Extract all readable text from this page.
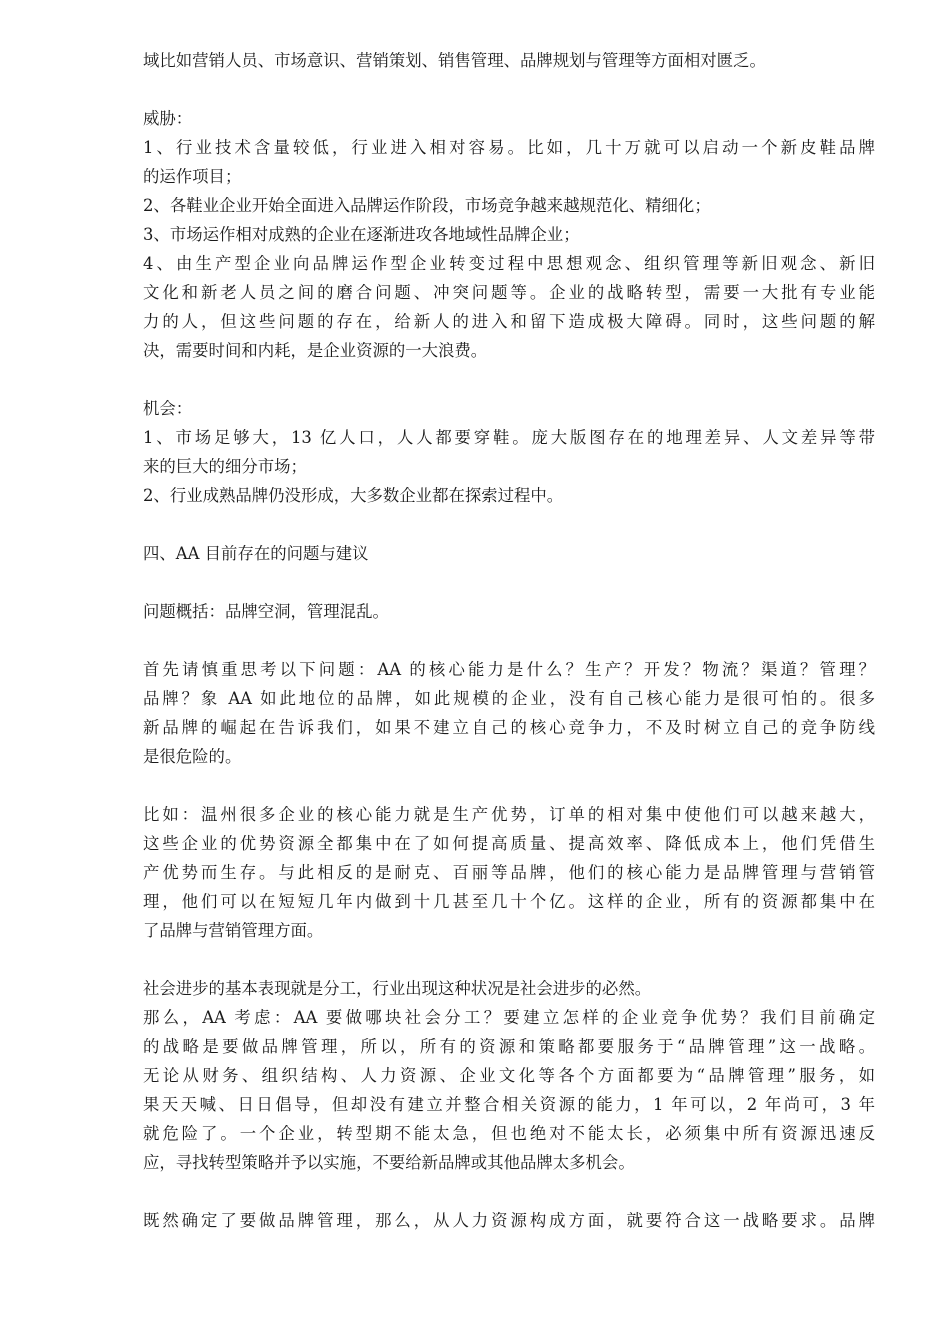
域比如营销人员、市场意识、营销策划、销售管理、品牌规划与管理等方面相对匮乏。
威胁：
1、行业技术含量较低，行业进入相对容易。比如，几十万就可以启动一个新皮鞋品牌
的运作项目；
2、各鞋业企业开始全面进入品牌运作阶段，市场竞争越来越规范化、精细化；
3、市场运作相对成熟的企业在逐渐进攻各地域性品牌企业；
4、由生产型企业向品牌运作型企业转变过程中思想观念、组织管理等新旧观念、新旧
文化和新老人员之间的磨合问题、冲突问题等。企业的战略转型，需要一大批有专业能
力的人，但这些问题的存在，给新人的进入和留下造成极大障碍。同时，这些问题的解
决，需要时间和内耗，是企业资源的一大浪费。
机会：
1、市场足够大，13 亿人口，人人都要穿鞋。庞大版图存在的地理差异、人文差异等带
来的巨大的细分市场；
2、行业成熟品牌仍没形成，大多数企业都在探索过程中。
四、AA 目前存在的问题与建议
问题概括：品牌空洞，管理混乱。
首先请慎重思考以下问题：AA 的核心能力是什么？生产？开发？物流？渠道？管理？
品牌？象 AA 如此地位的品牌，如此规模的企业，没有自己核心能力是很可怕的。很多
新品牌的崛起在告诉我们，如果不建立自己的核心竞争力，不及时树立自己的竞争防线
是很危险的。
比如：温州很多企业的核心能力就是生产优势，订单的相对集中使他们可以越来越大，
这些企业的优势资源全都集中在了如何提高质量、提高效率、降低成本上，他们凭借生
产优势而生存。与此相反的是耐克、百丽等品牌，他们的核心能力是品牌管理与营销管
理，他们可以在短短几年内做到十几甚至几十个亿。这样的企业，所有的资源都集中在
了品牌与营销管理方面。
社会进步的基本表现就是分工，行业出现这种状况是社会进步的必然。
那么，AA 考虑：AA 要做哪块社会分工？要建立怎样的企业竞争优势？我们目前确定
的战略是要做品牌管理，所以，所有的资源和策略都要服务于“品牌管理”这一战略。
无论从财务、组织结构、人力资源、企业文化等各个方面都要为“品牌管理”服务，如
果天天喊、日日倡导，但却没有建立并整合相关资源的能力，1 年可以，2 年尚可，3 年
就危险了。一个企业，转型期不能太急，但也绝对不能太长，必须集中所有资源迅速反
应，寻找转型策略并予以实施，不要给新品牌或其他品牌太多机会。
既然确定了要做品牌管理，那么，从人力资源构成方面，就要符合这一战略要求。品牌
